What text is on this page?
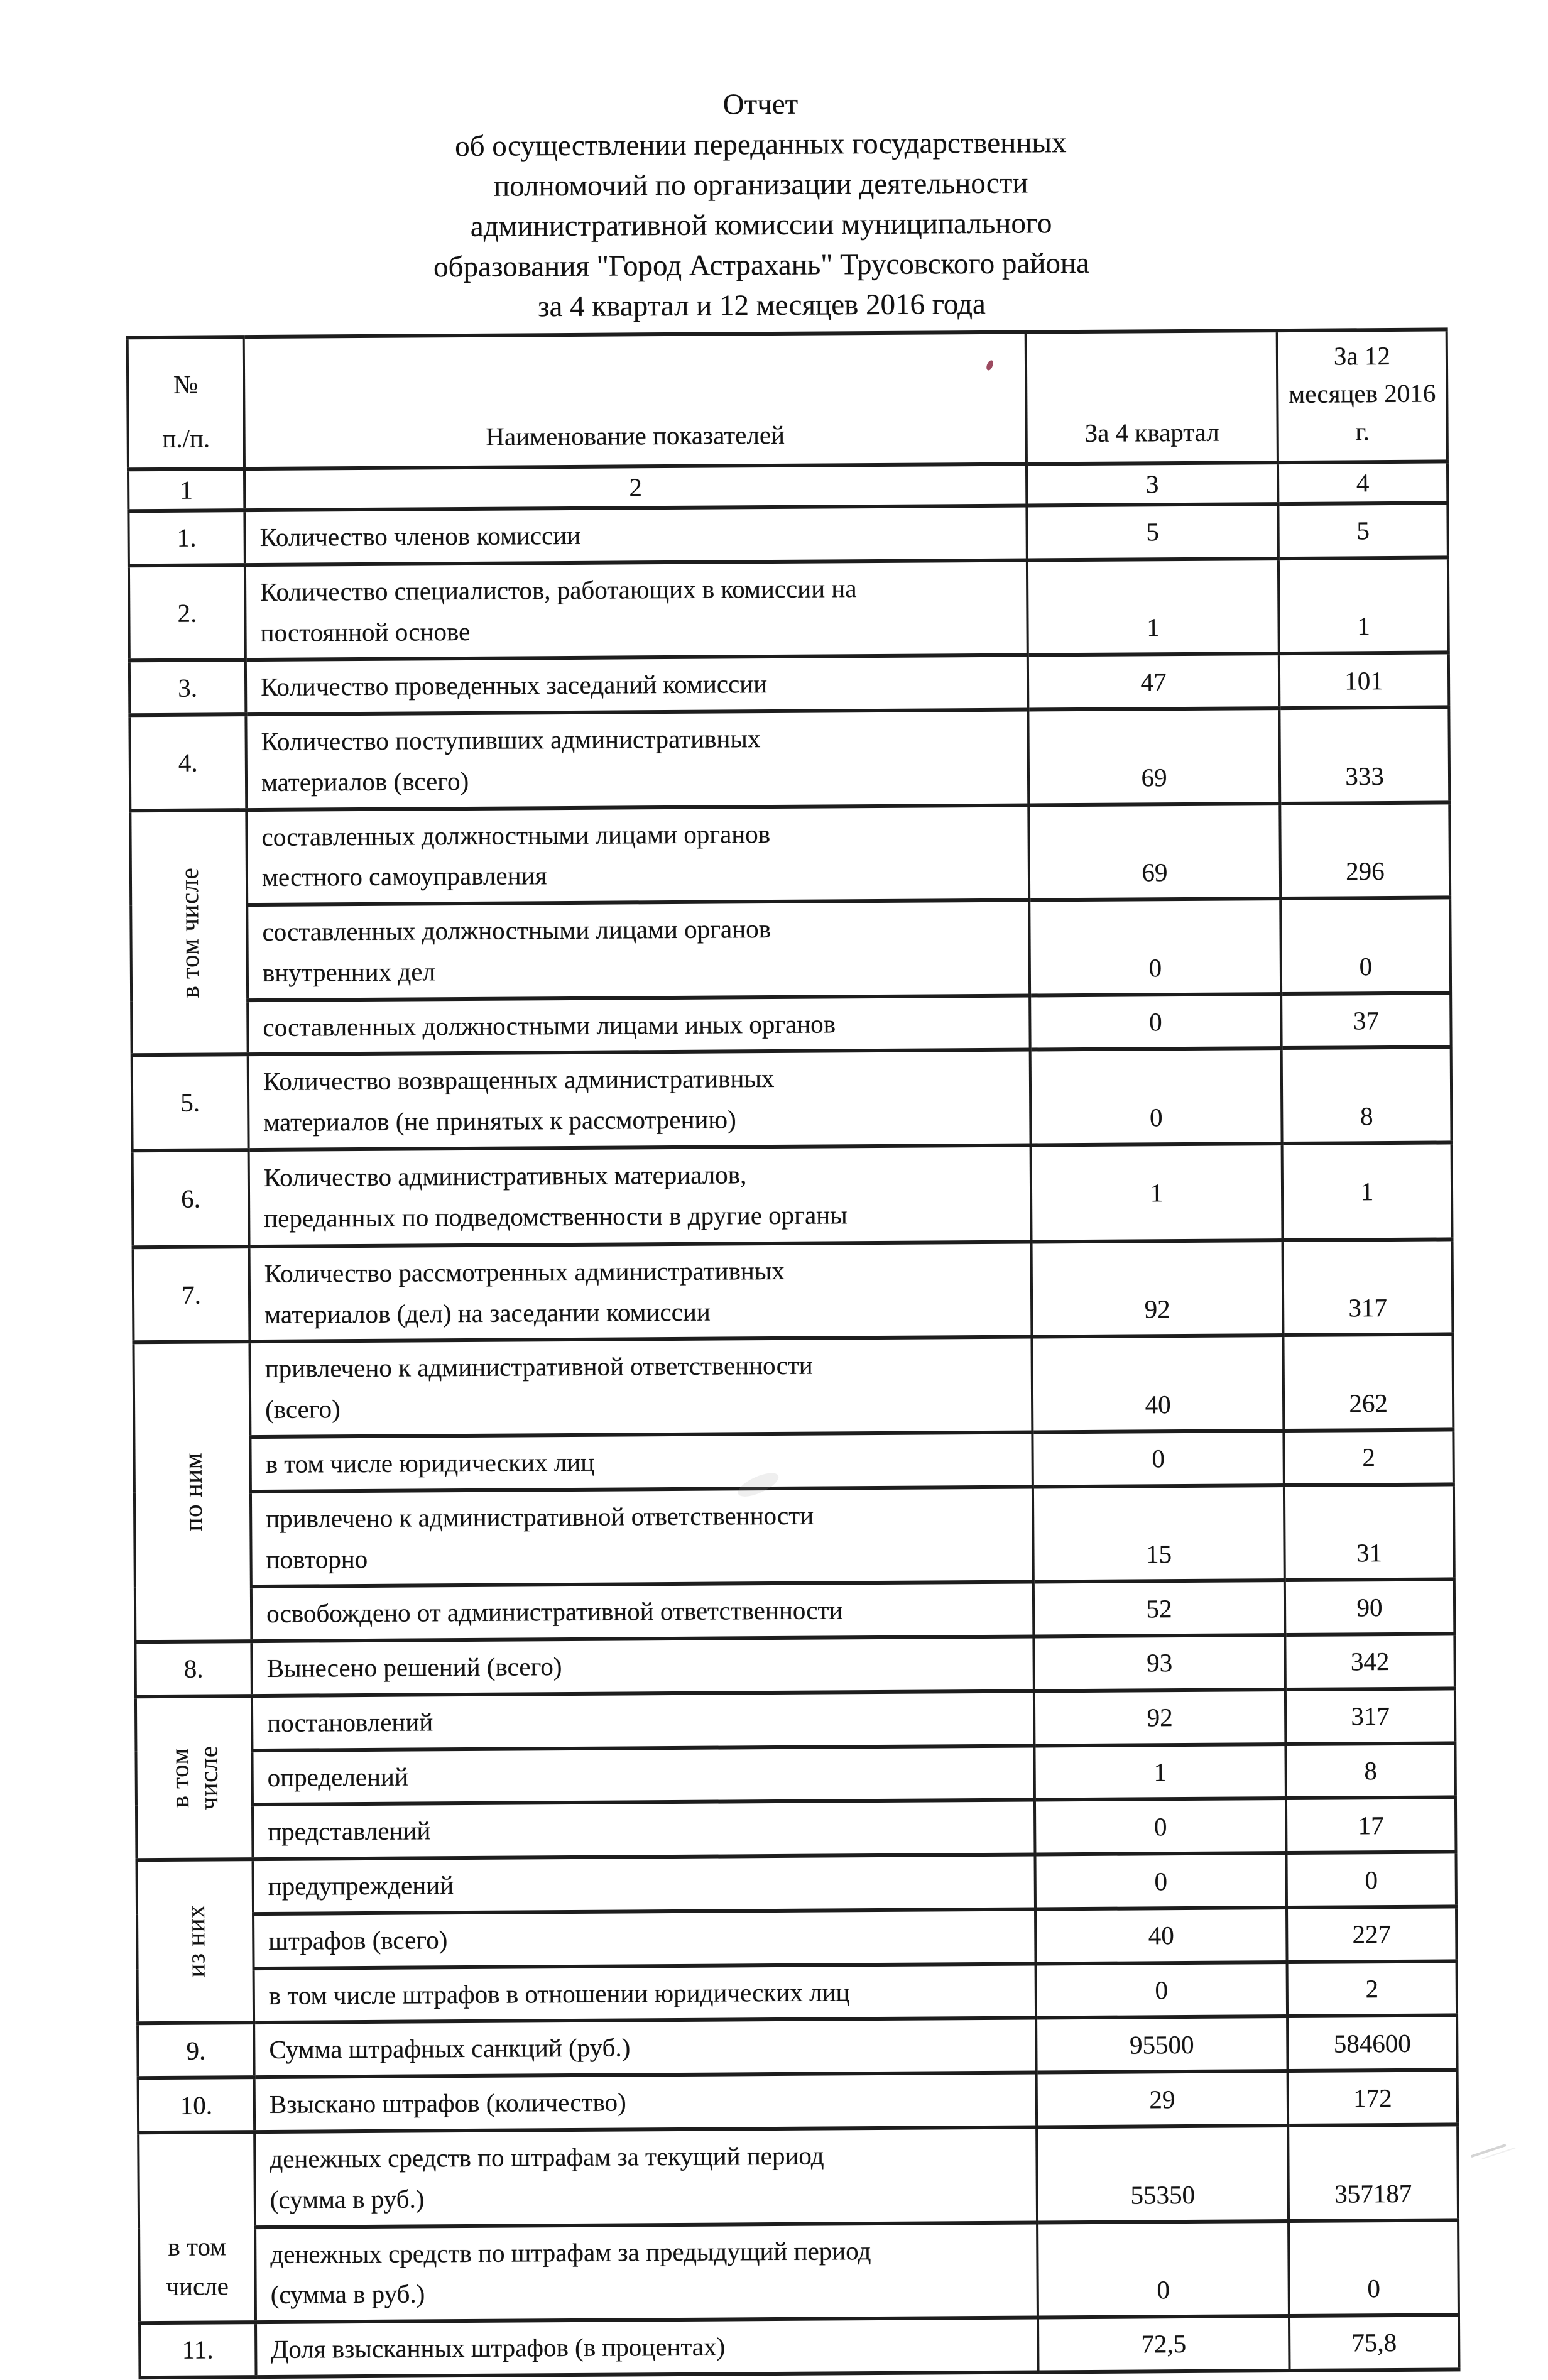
Отчет
об осуществлении переданных государственных
полномочий по организации деятельности
административной комиссии муниципального
образования "Город Астрахань" Трусовского района
за 4 квартал и 12 месяцев 2016 года
№
п./п.	Наименование показателей	За 4 квартал	За 12 месяцев 2016 г.
1	2	3	4
1.	Количество членов комиссии	5	5
2.	Количество специалистов, работающих в комиссии на постоянной основе	1	1
3.	Количество проведенных заседаний комиссии	47	101
4.	Количество поступивших административных материалов (всего)	69	333

в том числе	составленных должностными лицами органов местного самоуправления	69	296
	составленных должностными лицами органов внутренних дел	0	0
	составленных должностными лицами иных органов	0	37
5.	Количество возвращенных административных материалов (не принятых к рассмотрению)	0	8
6.	Количество административных материалов, переданных по подведомственности в другие органы	1	1
7.	Количество рассмотренных административных материалов (дел) на заседании комиссии	92	317

по ним	привлечено к административной ответственности (всего)	40	262
	в том числе юридических лиц	0	2
	привлечено к административной ответственности повторно	15	31
	освобождено от административной ответственности	52	90
8.	Вынесено решений (всего)	93	342

в том числе	постановлений	92	317
	определений	1	8
	представлений	0	17

из них	предупреждений	0	0
	штрафов (всего)	40	227
	в том числе штрафов в отношении юридических лиц	0	2
9.	Сумма штрафных санкций (руб.)	95500	584600
10.	Взыскано штрафов (количество)	29	172

в том
числе	денежных средств по штрафам за текущий период (сумма в руб.)	55350	357187
	денежных средств по штрафам за предыдущий период (сумма в руб.)	0	0
11.	Доля взысканных штрафов (в процентах)	72,5	75,8
